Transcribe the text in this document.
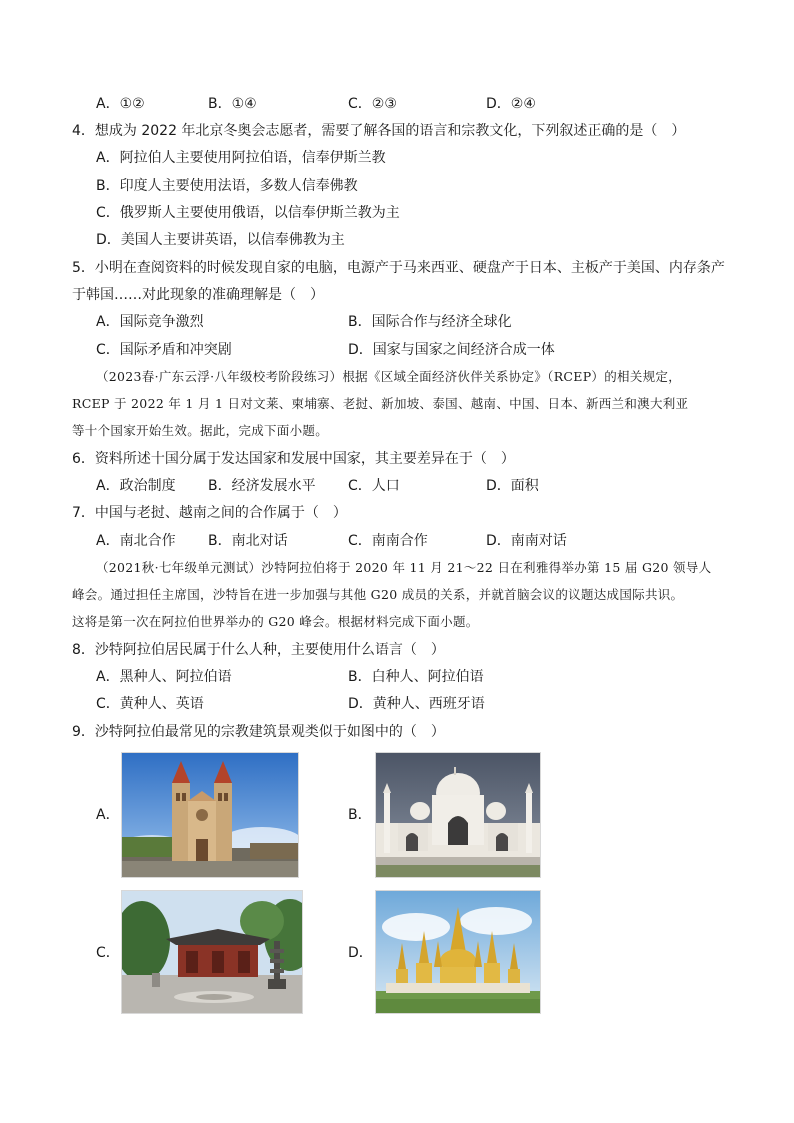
A．①②	B．①④	C．②③	D．②④
4．想成为 2022 年北京冬奥会志愿者，需要了解各国的语言和宗教文化，下列叙述正确的是（　）
A．阿拉伯人主要使用阿拉伯语，信奉伊斯兰教
B．印度人主要使用法语，多数人信奉佛教
C．俄罗斯人主要使用俄语，以信奉伊斯兰教为主
D．美国人主要讲英语，以信奉佛教为主
5．小明在查阅资料的时候发现自家的电脑，电源产于马来西亚、硬盘产于日本、主板产于美国、内存条产
于韩国……对此现象的准确理解是（　）
A．国际竞争激烈	B．国际合作与经济全球化
C．国际矛盾和冲突剧	D．国家与国家之间经济合成一体
（2023春·广东云浮·八年级校考阶段练习）根据《区域全面经济伙伴关系协定》（RCEP）的相关规定，
RCEP 于 2022 年 1 月 1 日对文莱、柬埔寨、老挝、新加坡、泰国、越南、中国、日本、新西兰和澳大利亚
等十个国家开始生效。据此，完成下面小题。
6．资料所述十国分属于发达国家和发展中国家，其主要差异在于（　）
A．政治制度 B．经济发展水平 C．人口	D．面积
7．中国与老挝、越南之间的合作属于（　）
A．南北合作 B．南北对话	C．南南合作	D．南南对话
（2021秋·七年级单元测试）沙特阿拉伯将于 2020 年 11 月 21～22 日在利雅得举办第 15 届 G20 领导人
峰会。通过担任主席国，沙特旨在进一步加强与其他 G20 成员的关系，并就首脑会议的议题达成国际共识。
这将是第一次在阿拉伯世界举办的 G20 峰会。根据材料完成下面小题。
8．沙特阿拉伯居民属于什么人种，主要使用什么语言（　）
A．黑种人、阿拉伯语	B．白种人、阿拉伯语
C．黄种人、英语	D．黄种人、西班牙语
9．沙特阿拉伯最常见的宗教建筑景观类似于如图中的（　）
A．	B．
C．	D．
